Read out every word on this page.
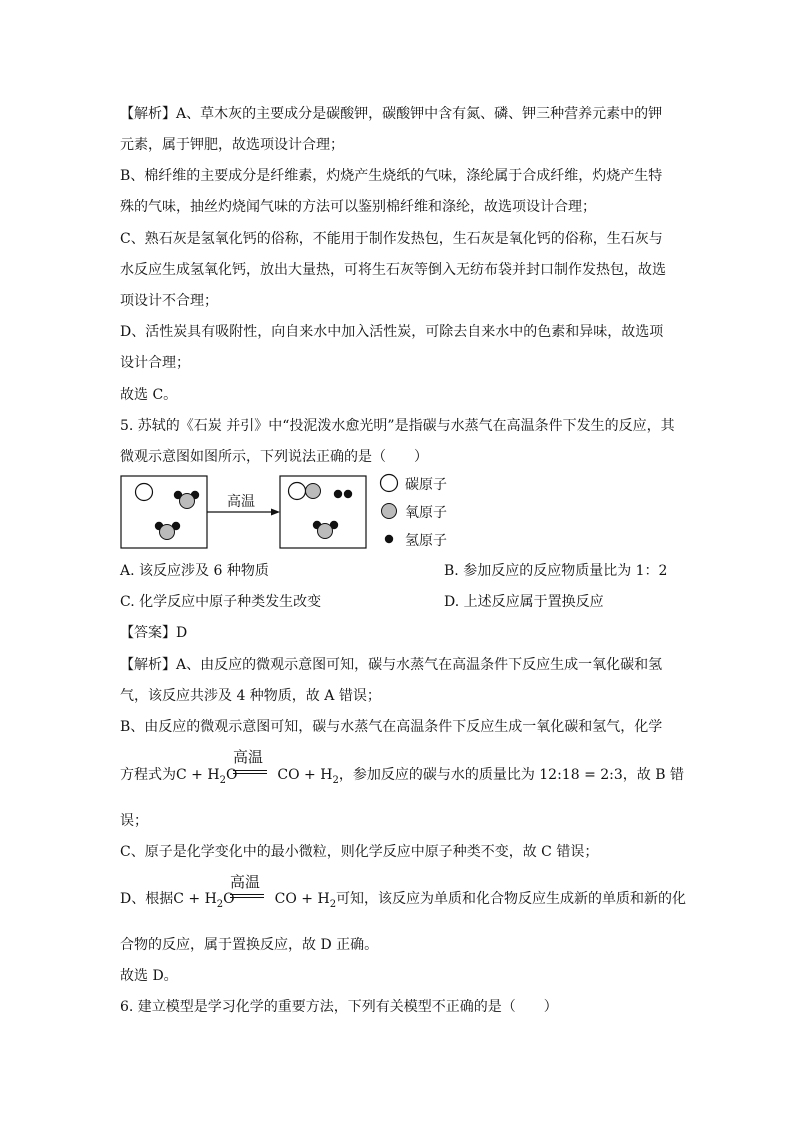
【解析】A、草木灰的主要成分是碳酸钾，碳酸钾中含有氮、磷、钾三种营养元素中的钾
元素，属于钾肥，故选项设计合理；
B、棉纤维的主要成分是纤维素，灼烧产生烧纸的气味，涤纶属于合成纤维，灼烧产生特
殊的气味，抽丝灼烧闻气味的方法可以鉴别棉纤维和涤纶，故选项设计合理；
C、熟石灰是氢氧化钙的俗称，不能用于制作发热包，生石灰是氧化钙的俗称，生石灰与
水反应生成氢氧化钙，放出大量热，可将生石灰等倒入无纺布袋并封口制作发热包，故选
项设计不合理；
D、活性炭具有吸附性，向自来水中加入活性炭，可除去自来水中的色素和异味，故选项
设计合理；
故选 C。
5. 苏轼的《石炭 并引》中“投泥泼水愈光明”是指碳与水蒸气在高温条件下发生的反应，其
微观示意图如图所示，下列说法正确的是（　　）
高温
碳原子
氧原子
氢原子
A. 该反应涉及 6 种物质	B. 参加反应的反应物质量比为 1：2
C. 化学反应中原子种类发生改变	D. 上述反应属于置换反应
【答案】D
【解析】A、由反应的微观示意图可知，碳与水蒸气在高温条件下反应生成一氧化碳和氢
气，该反应共涉及 4 种物质，故 A 错误；
B、由反应的微观示意图可知，碳与水蒸气在高温条件下反应生成一氧化碳和氢气，化学
方程式为$C + H_2O$	CO + $H_2$，参加反应的碳与水的质量比为 12:18 = 2:3，故 B 错
高温
误；
C、原子是化学变化中的最小微粒，则化学反应中原子种类不变，故 C 错误；
D、根据$C + H_2O$	CO + $H_2$可知，该反应为单质和化合物反应生成新的单质和新的化
高温
合物的反应，属于置换反应，故 D 正确。
故选 D。
6. 建立模型是学习化学的重要方法，下列有关模型不正确的是（　　）
